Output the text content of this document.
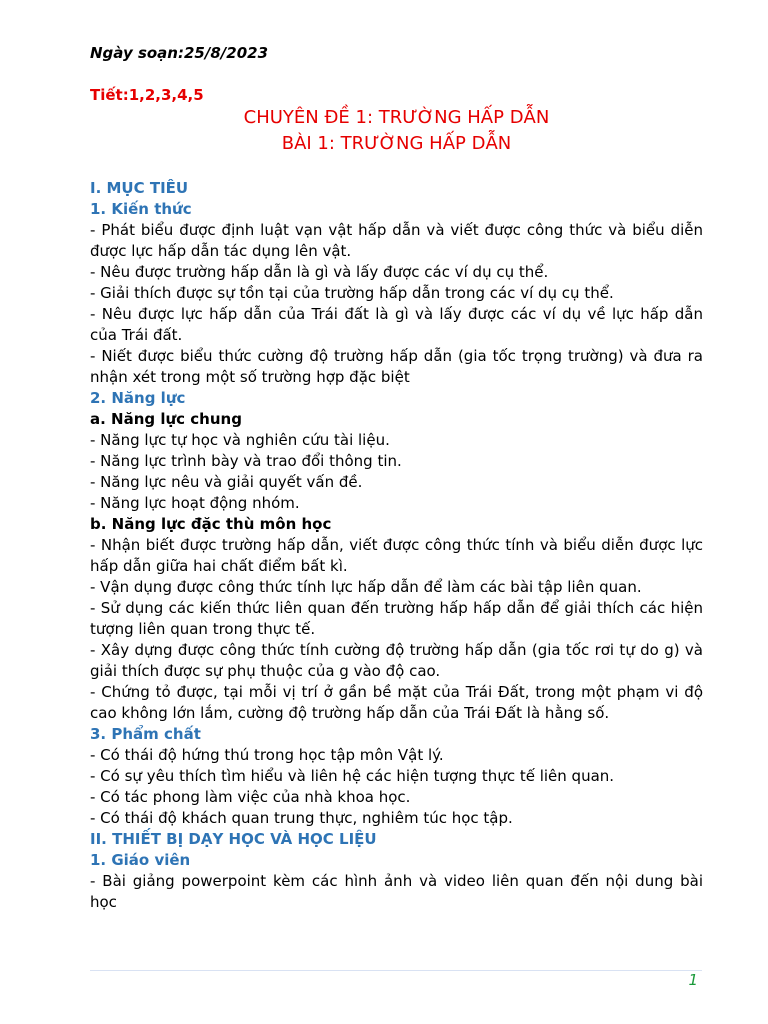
Ngày soạn:25/8/2023
Tiết:1,2,3,4,5
CHUYÊN ĐỀ 1: TRƯỜNG HẤP DẪN
BÀI 1: TRƯỜNG HẤP DẪN
I. MỤC TIÊU
1. Kiến thức

- Phát biểu được định luật vạn vật hấp dẫn và viết được công thức và biểu diễn được lực hấp dẫn tác dụng lên vật.

- Nêu được trường hấp dẫn là gì và lấy được các ví dụ cụ thể.

- Giải thích được sự tồn tại của trường hấp dẫn trong các ví dụ cụ thể.

- Nêu được lực hấp dẫn của Trái đất là gì và lấy được các ví dụ về lực hấp dẫn của Trái đất.

- Niết được biểu thức cường độ trường hấp dẫn (gia tốc trọng trường) và đưa ra nhận xét trong một số trường hợp đặc biệt

2. Năng lực
a. Năng lực chung

- Năng lực tự học và nghiên cứu tài liệu.

- Năng lực trình bày và trao đổi thông tin.

- Năng lực nêu và giải quyết vấn đề.

- Năng lực hoạt động nhóm.

b. Năng lực đặc thù môn học

- Nhận biết được trường hấp dẫn, viết được công thức tính và biểu diễn được lực hấp dẫn giữa hai chất điểm bất kì.

- Vận dụng được công thức tính lực hấp dẫn để làm các bài tập liên quan.

- Sử dụng các kiến thức liên quan đến trường hấp hấp dẫn để giải thích các hiện tượng liên quan trong thực tế.

- Xây dựng được công thức tính cường độ trường hấp dẫn (gia tốc rơi tự do g) và giải thích được sự phụ thuộc của g vào độ cao.

- Chứng tỏ được, tại mỗi vị trí ở gần bề mặt của Trái Đất, trong một phạm vi độ cao không lớn lắm, cường độ trường hấp dẫn của Trái Đất là hằng số.

3. Phẩm chất

- Có thái độ hứng thú trong học tập môn Vật lý.

- Có sự yêu thích tìm hiểu và liên hệ các hiện tượng thực tế liên quan.

- Có tác phong làm việc của nhà khoa học.

- Có thái độ khách quan trung thực, nghiêm túc học tập.

II. THIẾT BỊ DẠY HỌC VÀ HỌC LIỆU
1. Giáo viên

- Bài giảng powerpoint kèm các hình ảnh và video liên quan đến nội dung bài học

1
